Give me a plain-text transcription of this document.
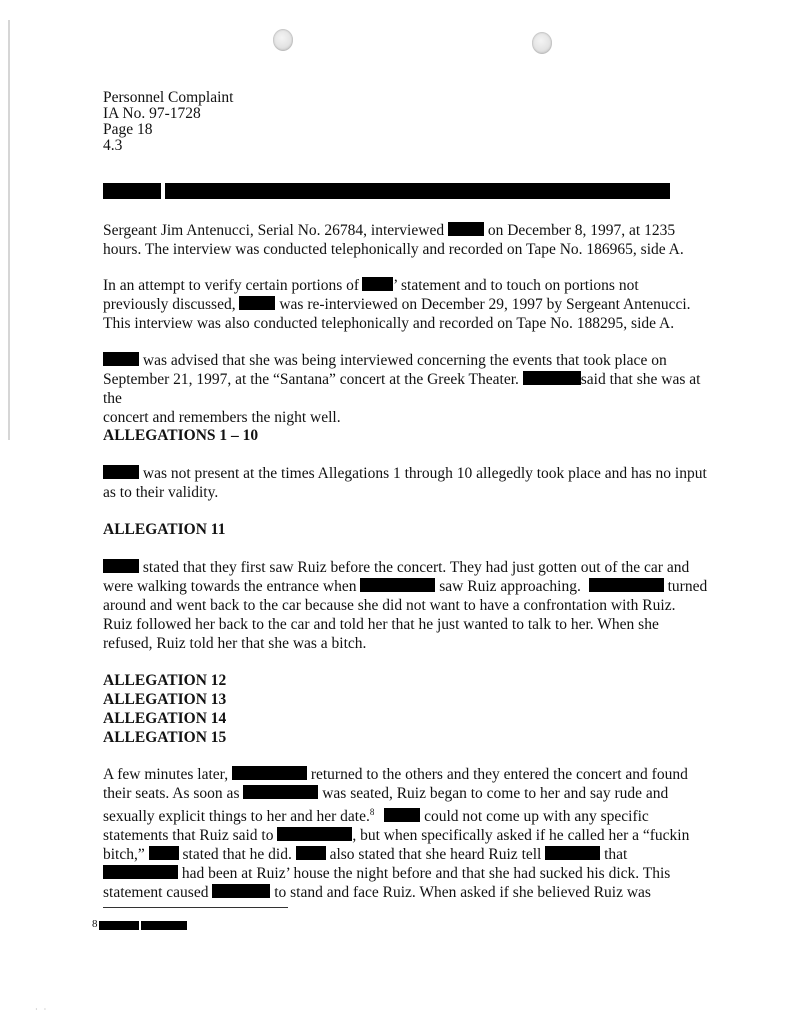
Personnel Complaint
IA No. 97-1728
Page 18
4.3
Sergeant Jim Antenucci, Serial No. 26784, interviewed	on December 8, 1997, at 1235
hours. The interview was conducted telephonically and recorded on Tape No. 186965, side A.
In an attempt to verify certain portions of ’ statement and to touch on portions not
previously discussed,	was re-interviewed on December 29, 1997 by Sergeant Antenucci.
This interview was also conducted telephonically and recorded on Tape No. 188295, side A.
was advised that she was being interviewed concerning the events that took place on
September 21, 1997, at the “Santana” concert at the Greek Theater.	said that she was at the
concert and remembers the night well.
ALLEGATIONS 1 – 10
was not present at the times Allegations 1 through 10 allegedly took place and has no input
as to their validity.
ALLEGATION 11
stated that they first saw Ruiz before the concert. They had just gotten out of the car and
were walking towards the entrance when	saw Ruiz approaching.	turned
around and went back to the car because she did not want to have a confrontation with Ruiz.
Ruiz followed her back to the car and told her that he just wanted to talk to her. When she
refused, Ruiz told her that she was a bitch.
ALLEGATION 12
ALLEGATION 13
ALLEGATION 14
ALLEGATION 15
A few minutes later,	returned to the others and they entered the concert and found
their seats. As soon as	was seated, Ruiz began to come to her and say rude and
sexually explicit things to her and her date.$^8$	could not come up with any specific
statements that Ruiz said to	, but when specifically asked if he called her a “fuckin
bitch,” stated that he did. also stated that she heard Ruiz tell	that
had been at Ruiz’ house the night before and that she had sucked his dick. This
statement caused	to stand and face Ruiz. When asked if she believed Ruiz was
8
·   ·
